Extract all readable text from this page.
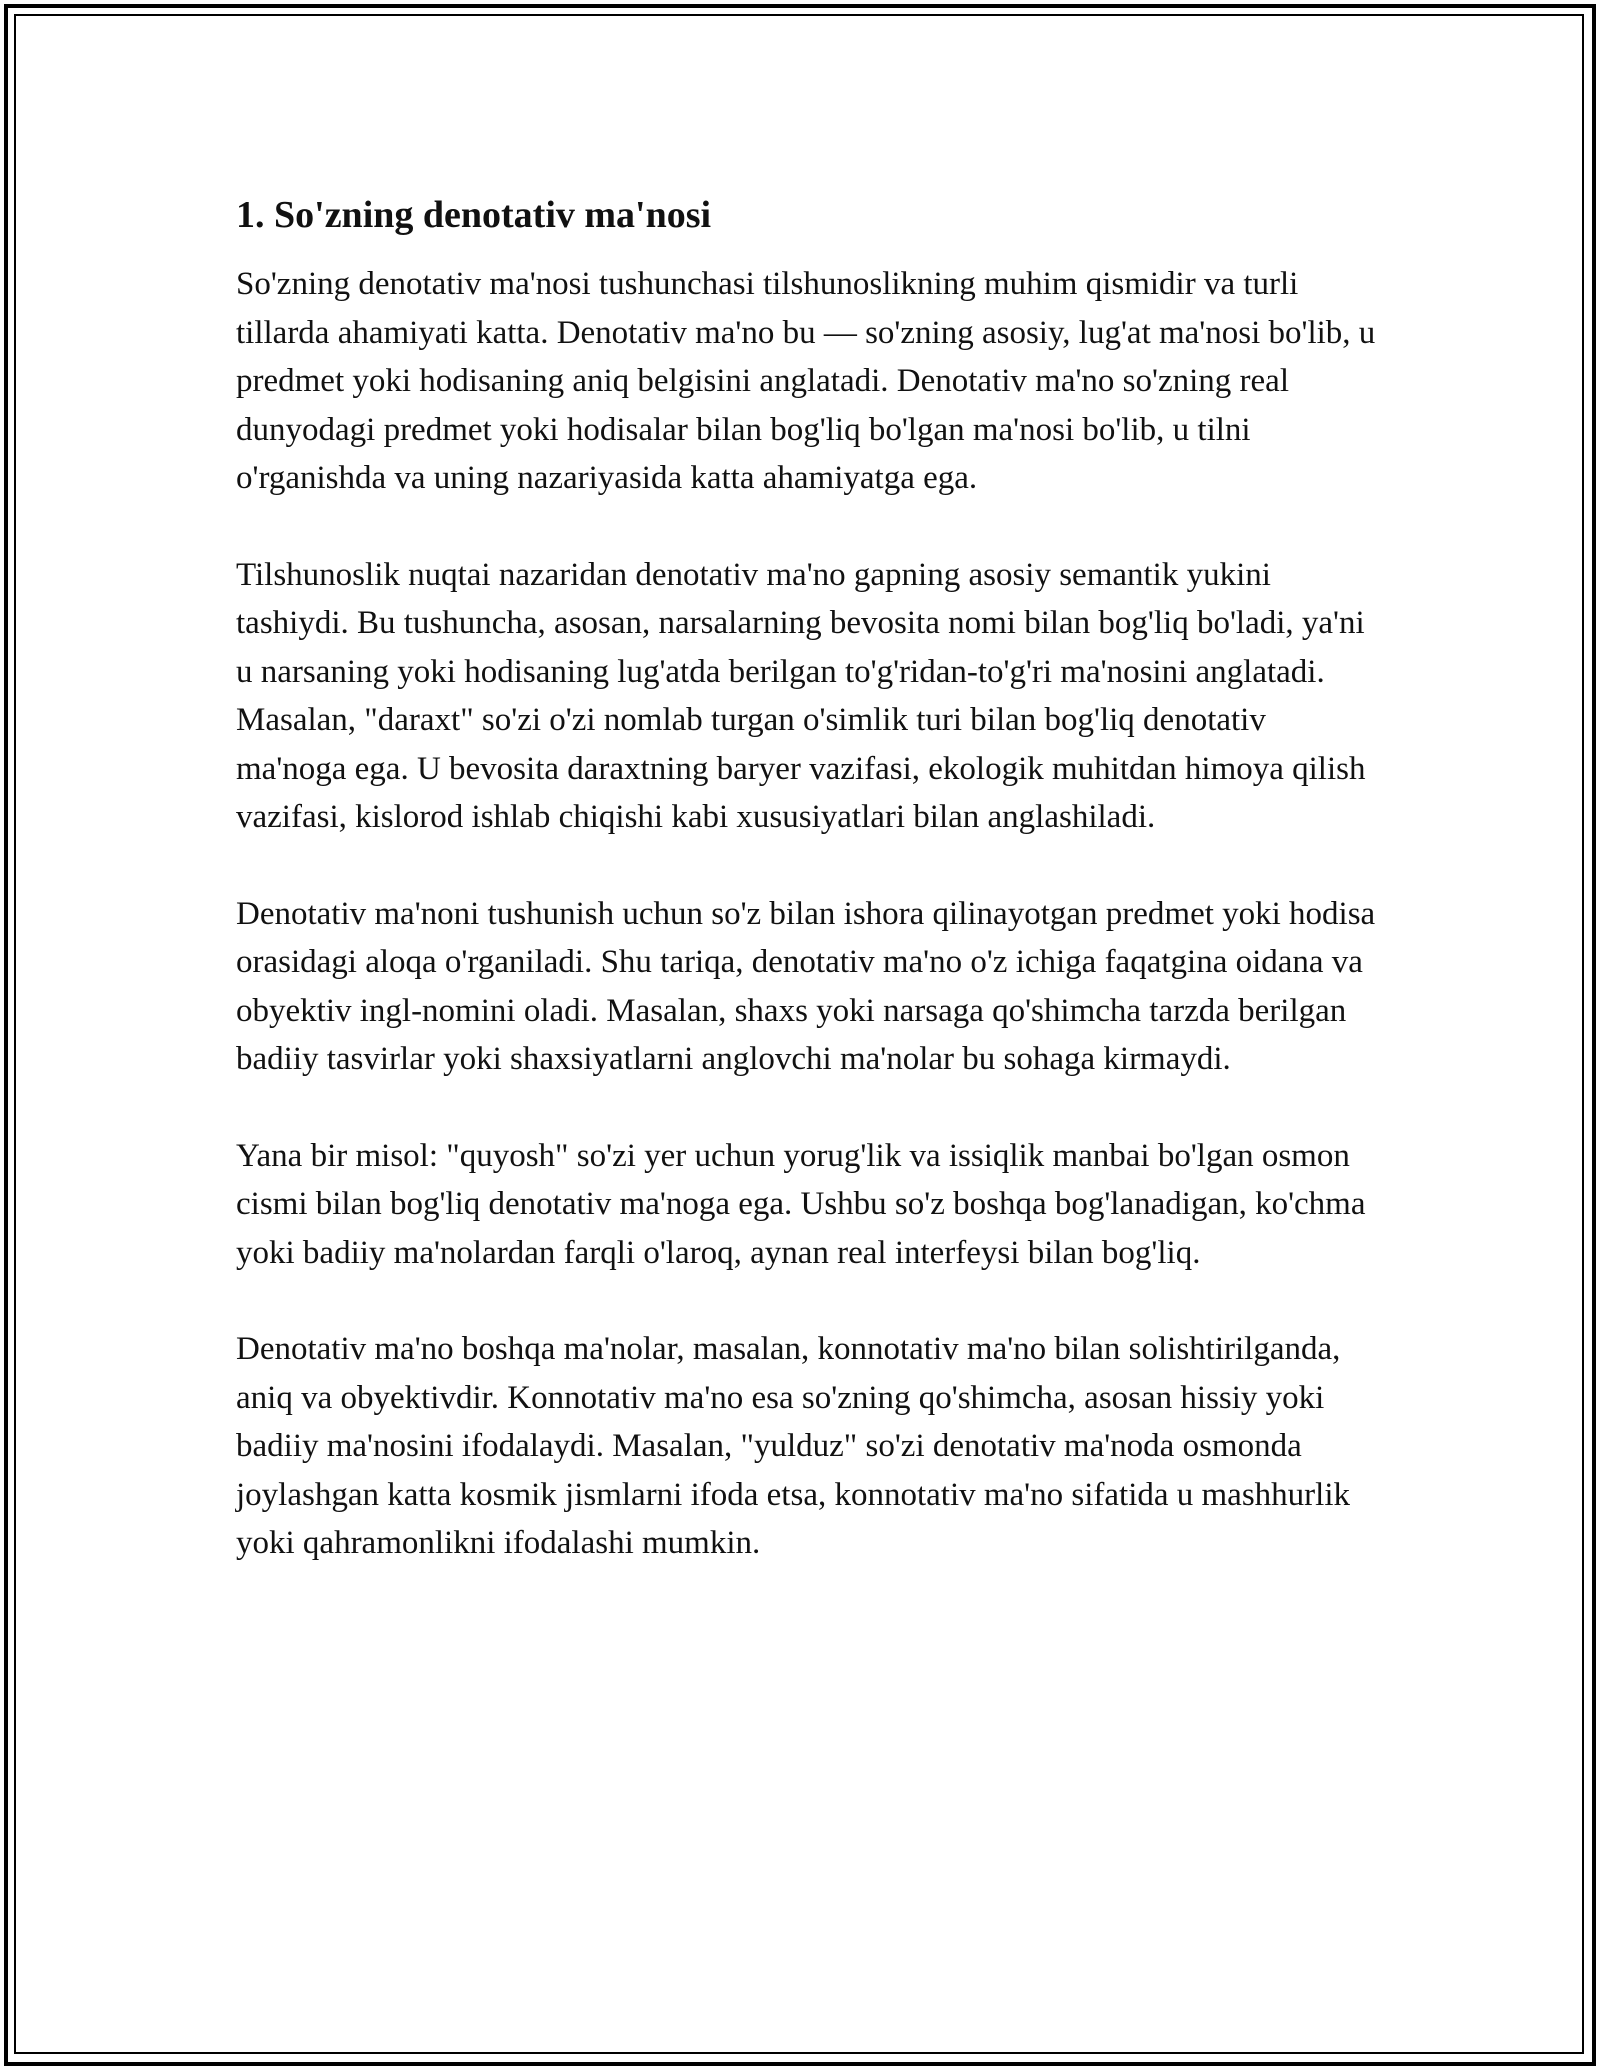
1. So'zning denotativ ma'nosi

So'zning denotativ ma'nosi tushunchasi tilshunoslikning muhim qismidir va turli tillarda ahamiyati katta. Denotativ ma'no bu — so'zning asosiy, lug'at ma'nosi bo'lib, u predmet yoki hodisaning aniq belgisini anglatadi. Denotativ ma'no so'zning real dunyodagi predmet yoki hodisalar bilan bog'liq bo'lgan ma'nosi bo'lib, u tilni o'rganishda va uning nazariyasida katta ahamiyatga ega.

Tilshunoslik nuqtai nazaridan denotativ ma'no gapning asosiy semantik yukini tashiydi. Bu tushuncha, asosan, narsalarning bevosita nomi bilan bog'liq bo'ladi, ya'ni u narsaning yoki hodisaning lug'atda berilgan to'g'ridan-to'g'ri ma'nosini anglatadi. Masalan, "daraxt" so'zi o'zi nomlab turgan o'simlik turi bilan bog'liq denotativ ma'noga ega. U bevosita daraxtning baryer vazifasi, ekologik muhitdan himoya qilish vazifasi, kislorod ishlab chiqishi kabi xususiyatlari bilan anglashiladi.

Denotativ ma'noni tushunish uchun so'z bilan ishora qilinayotgan predmet yoki hodisa orasidagi aloqa o'rganiladi. Shu tariqa, denotativ ma'no o'z ichiga faqatgina oidana va obyektiv ingl-nomini oladi. Masalan, shaxs yoki narsaga qo'shimcha tarzda berilgan badiiy tasvirlar yoki shaxsiyatlarni anglovchi ma'nolar bu sohaga kirmaydi.

Yana bir misol: "quyosh" so'zi yer uchun yorug'lik va issiqlik manbai bo'lgan osmon cismi bilan bog'liq denotativ ma'noga ega. Ushbu so'z boshqa bog'lanadigan, ko'chma yoki badiiy ma'nolardan farqli o'laroq, aynan real interfeysi bilan bog'liq.

Denotativ ma'no boshqa ma'nolar, masalan, konnotativ ma'no bilan solishtirilganda, aniq va obyektivdir. Konnotativ ma'no esa so'zning qo'shimcha, asosan hissiy yoki badiiy ma'nosini ifodalaydi. Masalan, "yulduz" so'zi denotativ ma'noda osmonda joylashgan katta kosmik jismlarni ifoda etsa, konnotativ ma'no sifatida u mashhurlik yoki qahramonlikni ifodalashi mumkin.
